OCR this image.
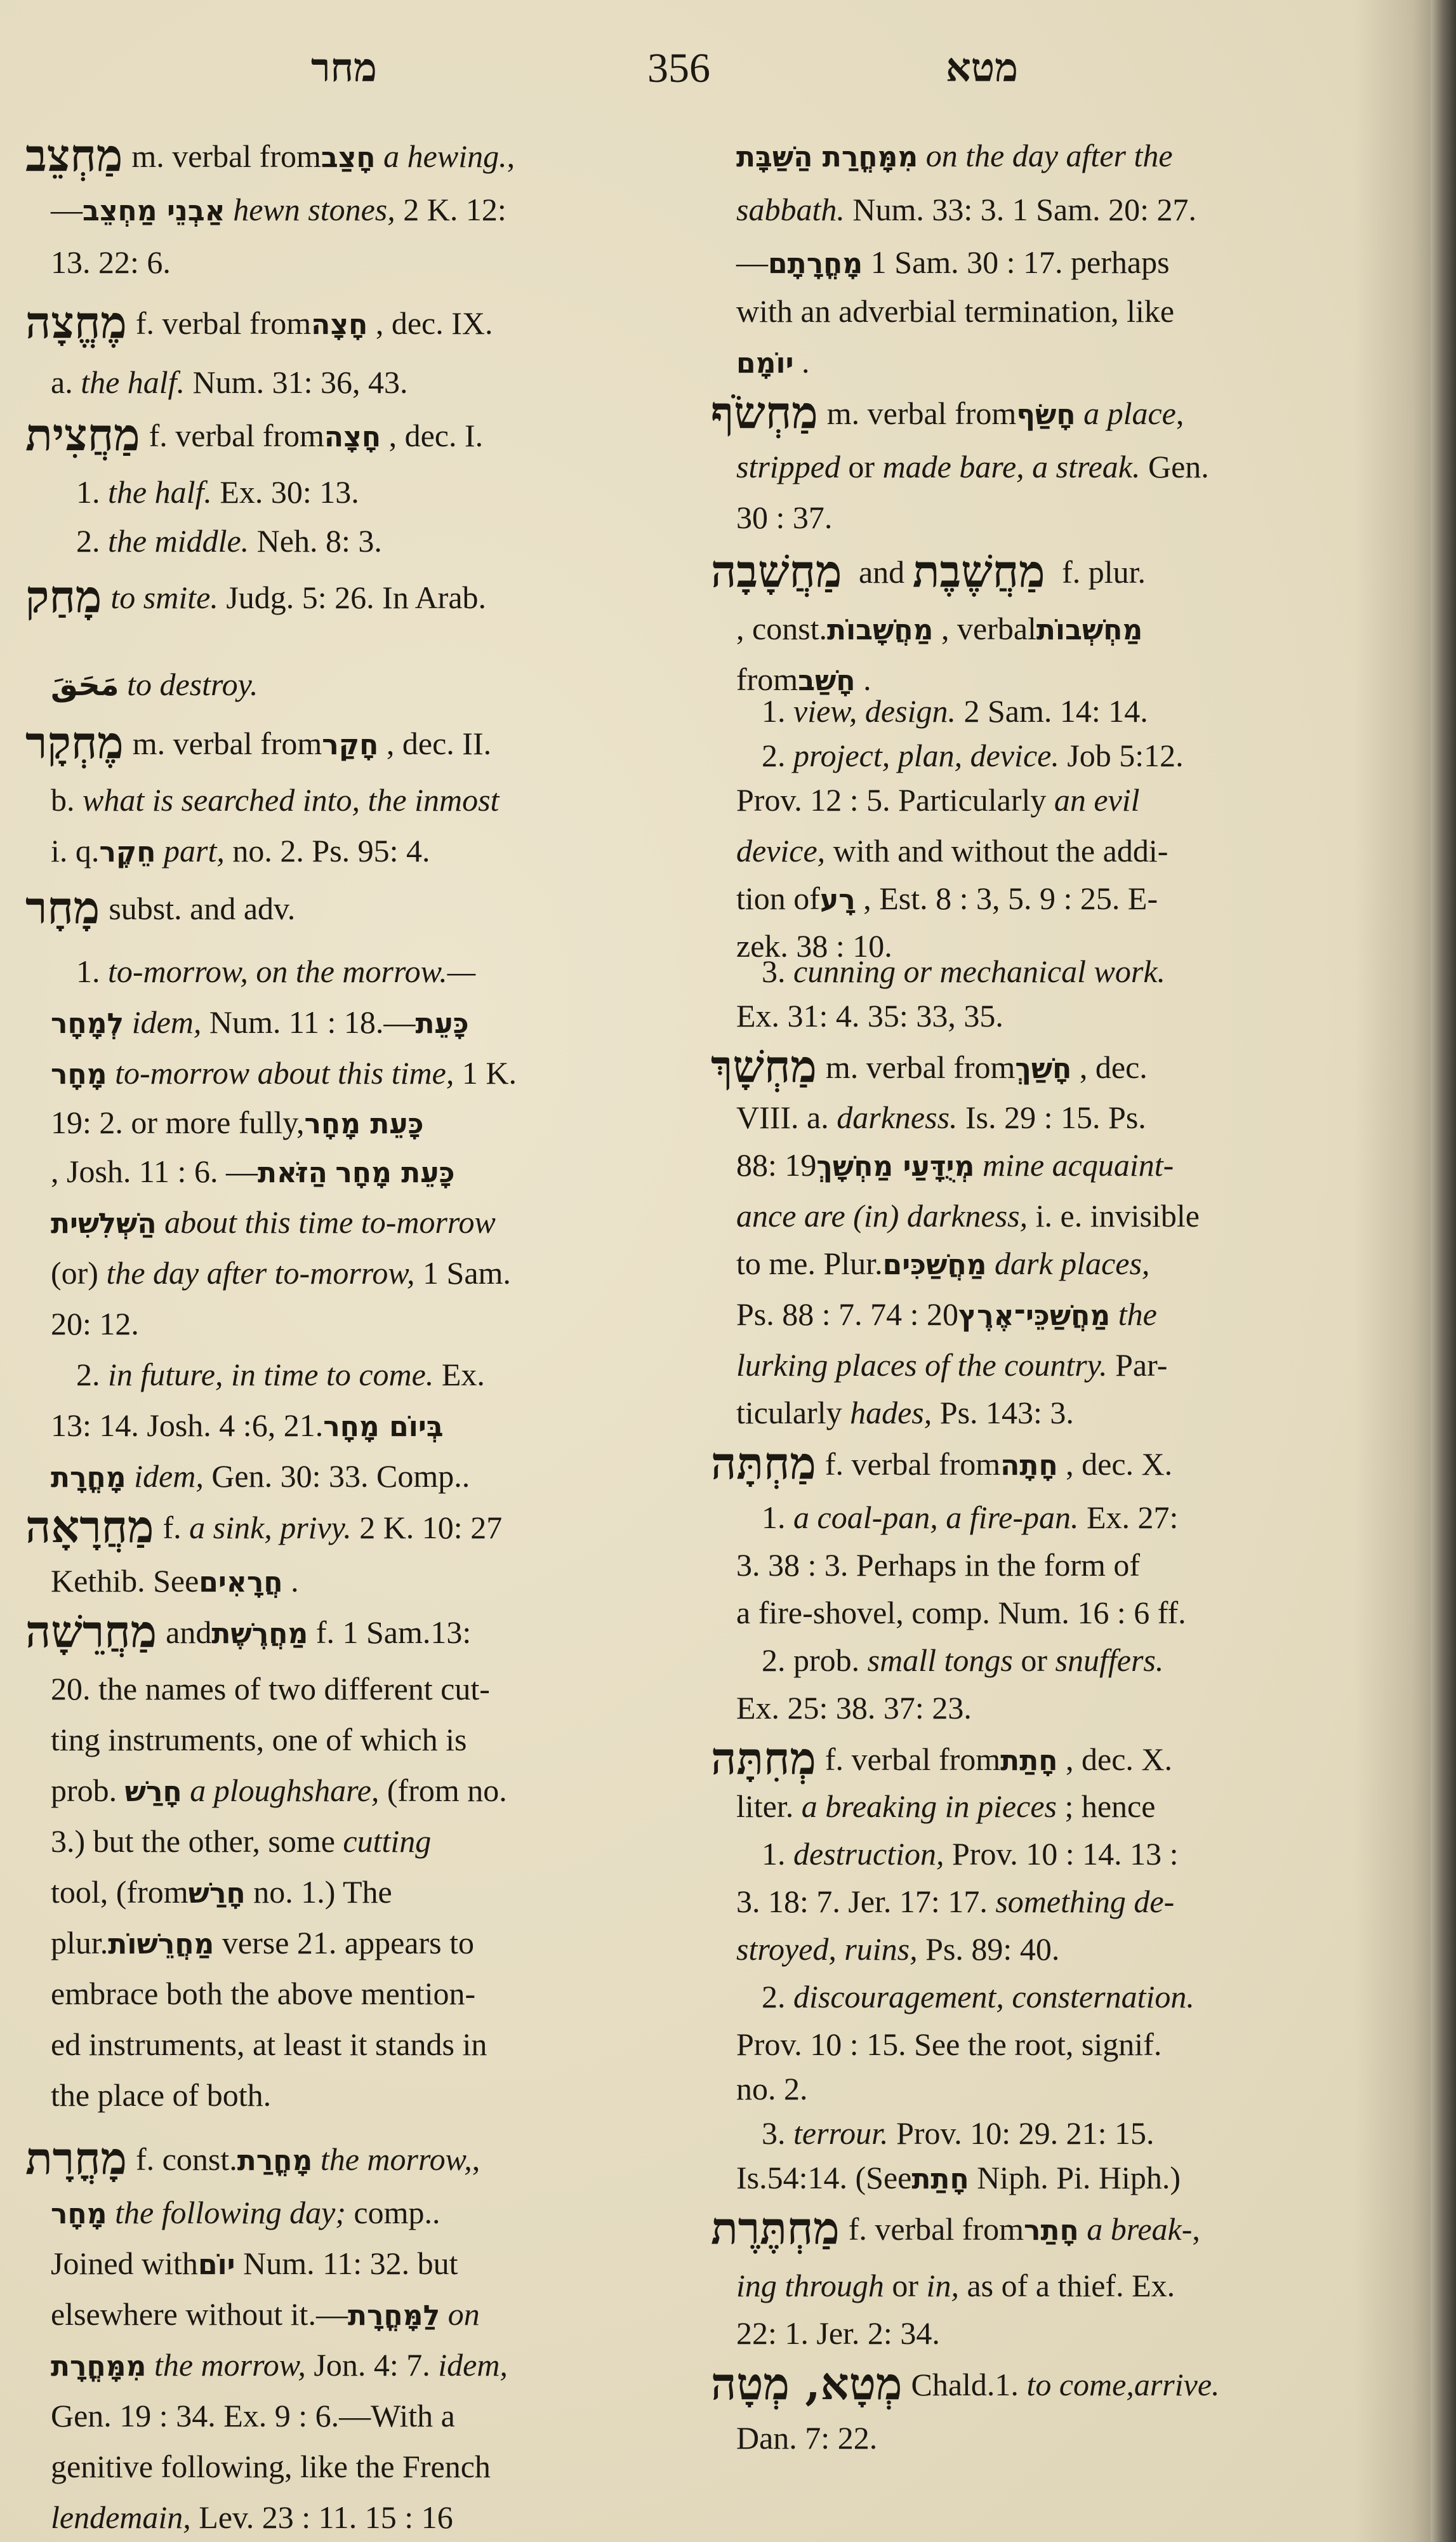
מחר	356	מטא
מַחְצֵב m. verbal fromחָצַב a hewing.,
—אַבְנֵי מַחְצֵב hewn stones, 2 K. 12:
13. 22: 6.
מֶחֱצָה f. verbal fromחָצָה , dec. IX.
a. the half. Num. 31: 36, 43.
מַחֲצִית f. verbal fromחָצָה , dec. I.
1. the half. Ex. 30: 13.
2. the middle. Neh. 8: 3.
מָחַק to smite. Judg. 5: 26. In Arab.
مَحَقَ to destroy.
מֶחְקָר m. verbal fromחָקַר , dec. II.
b. what is searched into, the inmost
i. q.חֵקֶר part, no. 2. Ps. 95: 4.
מָחָר subst. and adv.
1. to-morrow, on the morrow.—
לְמָחָר idem, Num. 11 : 18.—כָּעֵת
מָחָר to-morrow about this time, 1 K.
19: 2. or more fully,כָּעֵת מָחָר
, Josh. 11 : 6. —הַזֹּאת כָּעֵת מָחָר
הַשְּׁלִשִׁית about this time to-morrow
(or) the day after to-morrow, 1 Sam.
20: 12.
2. in future, in time to come. Ex.
13: 14. Josh. 4 :6, 21.בְּיוֹם מָחָר
מָחֳרָת idem, Gen. 30: 33. Comp..
מַחֲרָאָה f. a sink, privy. 2 K. 10: 27
Kethib. Seeחֲרָאִים .
מַחֲרֵשָׁה andמַחֲרֶשֶׁת f. 1 Sam.13:
20. the names of two different cut-
ting instruments, one of which is
prob. חָרַשׁ a ploughshare, (from no.
3.) but the other, some cutting
tool, (fromחָרַשׁ no. 1.) The
plur.מַחֲרֵשׁוֹת verse 21. appears to
embrace both the above mention-
ed instruments, at least it stands in
the place of both.
מָחֳרָת f. const.מָחֳרַת the morrow,,
מָחָר the following day; comp..
Joined withיוֹם Num. 11: 32. but
elsewhere without it.—לַמָּחֳרָת on
מִמָּחֳרָת the morrow, Jon. 4: 7. idem,
Gen. 19 : 34. Ex. 9 : 6.—With a
genitive following, like the French
lendemain, Lev. 23 : 11. 15 : 16
מִמָּחֳרַת הַשַּׁבָּת on the day after the
sabbath. Num. 33: 3. 1 Sam. 20: 27.
—מָחֳרָתָם 1 Sam. 30 : 17. perhaps
with an adverbial termination, like
יוֹמָם .
מַחְשֹׂף m. verbal fromחָשַׂף a place,
stripped or made bare, a streak. Gen.
30 : 37.
מַחֲשָׁבָה and מַחֲשֶׁבֶת f. plur.
, const.מַחֲשָׁבוֹת , verbalמַחְשְׁבוֹת
fromחָשַׁב .
1. view, design. 2 Sam. 14: 14.
2. project, plan, device. Job 5:12.
Prov. 12 : 5. Particularly an evil
device, with and without the addi-
tion ofרָע , Est. 8 : 3, 5. 9 : 25. E-
zek. 38 : 10.
3. cunning or mechanical work.
Ex. 31: 4. 35: 33, 35.
מַחְשָׁךְ m. verbal fromחָשַׁךְ , dec.
VIII. a. darkness. Is. 29 : 15. Ps.
88: 19מְיֻדָּעַי מַחְשָׁךְ mine acquaint-
ance are (in) darkness, i. e. invisible
to me. Plur.מַחֲשַׁכִּים dark places,
Ps. 88 : 7. 74 : 20מַחֲשַׁכֵּי־אֶרֶץ the
lurking places of the country. Par-
ticularly hades, Ps. 143: 3.
מַחְתָּה f. verbal fromחָתָה , dec. X.
1. a coal-pan, a fire-pan. Ex. 27:
3. 38 : 3. Perhaps in the form of
a fire-shovel, comp. Num. 16 : 6 ff.
2. prob. small tongs or snuffers.
Ex. 25: 38. 37: 23.
מְחִתָּה f. verbal fromחָתַת , dec. X.
liter. a breaking in pieces ; hence
1. destruction, Prov. 10 : 14. 13 :
3. 18: 7. Jer. 17: 17. something de-
stroyed, ruins, Ps. 89: 40.
2. discouragement, consternation.
Prov. 10 : 15. See the root, signif.
no. 2.
3. terrour. Prov. 10: 29. 21: 15.
Is.54:14. (Seeחָתַת Niph. Pi. Hiph.)
מַחְתֶּרֶת f. verbal fromחָתַר a break-,
ing through or in, as of a thief. Ex.
22: 1. Jer. 2: 34.
מְטָא, מְטָה Chald.1. to come,arrive.
Dan. 7: 22.
